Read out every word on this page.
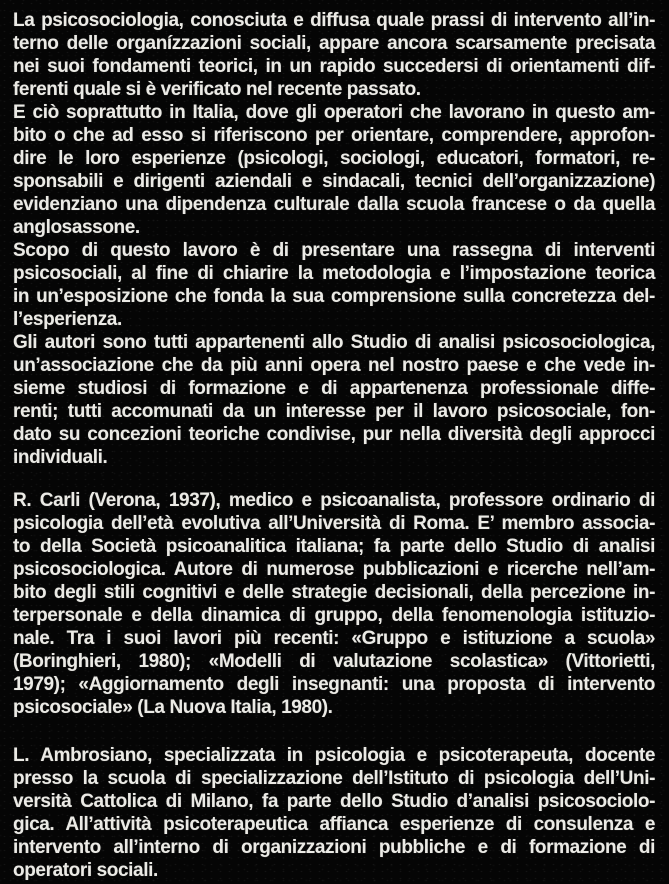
La psicosociologia, conosciuta e diffusa quale prassi di intervento all’in-
terno delle organízzazioni sociali, appare ancora scarsamente precisata
nei suoi fondamenti teorici, in un rapido succedersi di orientamenti dif-
ferenti quale si è verificato nel recente passato.
E ciò soprattutto in Italia, dove gli operatori che lavorano in questo am-
bito o che ad esso si riferiscono per orientare, comprendere, approfon-
dire le loro esperienze (psicologi, sociologi, educatori, formatori, re-
sponsabili e dirigenti aziendali e sindacali, tecnici dell’organizzazione)
evidenziano una dipendenza culturale dalla scuola francese o da quella
anglosassone.
Scopo di questo lavoro è di presentare una rassegna di interventi
psicosociali, al fine di chiarire la metodologia e l’impostazione teorica
in un’esposizione che fonda la sua comprensione sulla concretezza del-
l’esperienza.
Gli autori sono tutti appartenenti allo Studio di analisi psicosociologica,
un’associazione che da più anni opera nel nostro paese e che vede in-
sieme studiosi di formazione e di appartenenza professionale diffe-
renti; tutti accomunati da un interesse per il lavoro psicosociale, fon-
dato su concezioni teoriche condivise, pur nella diversità degli approcci
individuali.
R. Carli (Verona, 1937), medico e psicoanalista, professore ordinario di
psicologia dell’età evolutiva all’Università di Roma. E’ membro associa-
to della Società psicoanalitica italiana; fa parte dello Studio di analisi
psicosociologica. Autore di numerose pubblicazioni e ricerche nell’am-
bito degli stili cognitivi e delle strategie decisionali, della percezione in-
terpersonale e della dinamica di gruppo, della fenomenologia istituzio-
nale. Tra i suoi lavori più recenti: «Gruppo e istituzione a scuola»
(Boringhieri, 1980); «Modelli di valutazione scolastica» (Vittorietti,
1979); «Aggiornamento degli insegnanti: una proposta di intervento
psicosociale» (La Nuova Italia, 1980).
L. Ambrosiano, specializzata in psicologia e psicoterapeuta, docente
presso la scuola di specializzazione dell’Istituto di psicologia dell’Uni-
versità Cattolica di Milano, fa parte dello Studio d’analisi psicosociolo-
gica. All’attività psicoterapeutica affianca esperienze di consulenza e
intervento all’interno di organizzazioni pubbliche e di formazione di
operatori sociali.
